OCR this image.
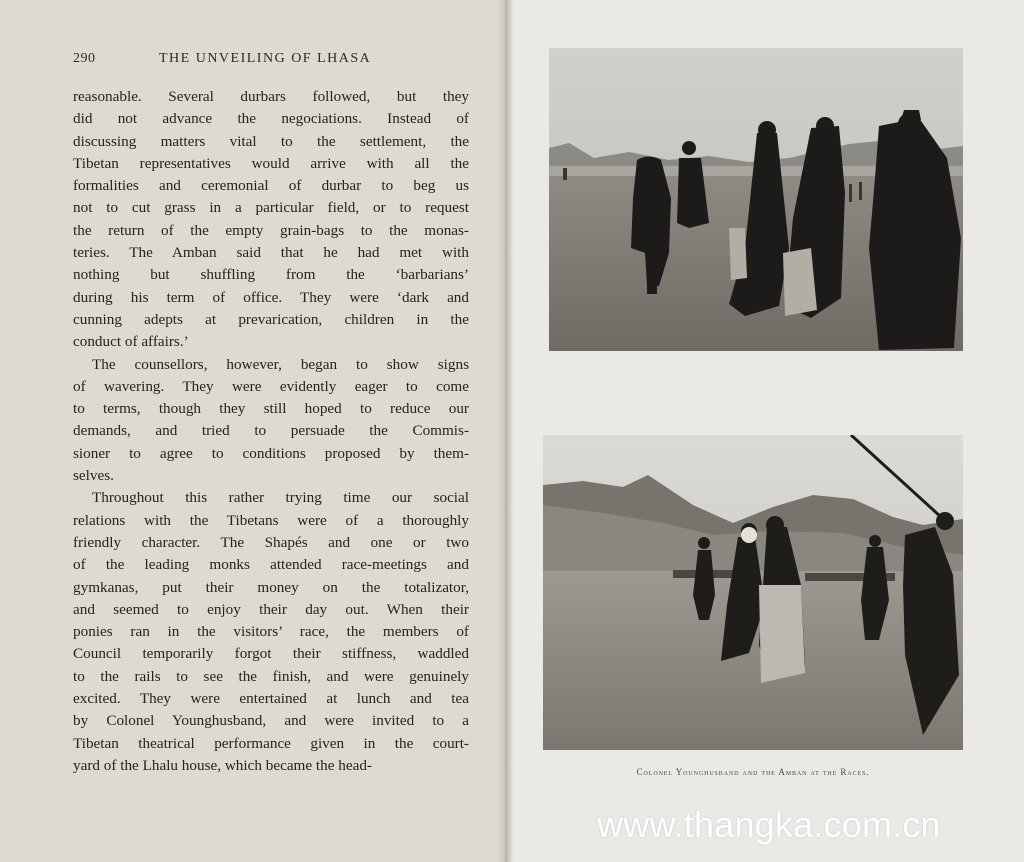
290	THE UNVEILING OF LHASA
reasonable. Several durbars followed, but they
did not advance the negociations. Instead of
discussing matters vital to the settlement, the
Tibetan representatives would arrive with all the
formalities and ceremonial of durbar to beg us
not to cut grass in a particular field, or to request
the return of the empty grain-bags to the monas-
teries. The Amban said that he had met with
nothing but shuffling from the ‘barbarians’
during his term of office. They were ‘dark and
cunning adepts at prevarication, children in the
conduct of affairs.’
The counsellors, however, began to show signs
of wavering. They were evidently eager to come
to terms, though they still hoped to reduce our
demands, and tried to persuade the Commis-
sioner to agree to conditions proposed by them-
selves.
Throughout this rather trying time our social
relations with the Tibetans were of a thoroughly
friendly character. The Shapés and one or two
of the leading monks attended race-meetings and
gymkanas, put their money on the totalizator,
and seemed to enjoy their day out. When their
ponies ran in the visitors’ race, the members of
Council temporarily forgot their stiffness, waddled
to the rails to see the finish, and were genuinely
excited. They were entertained at lunch and tea
by Colonel Younghusband, and were invited to a
Tibetan theatrical performance given in the court-
yard of the Lhalu house, which became the head-	Colonel Younghusband and the Amban at the Races.
www.thangka.com.cn
